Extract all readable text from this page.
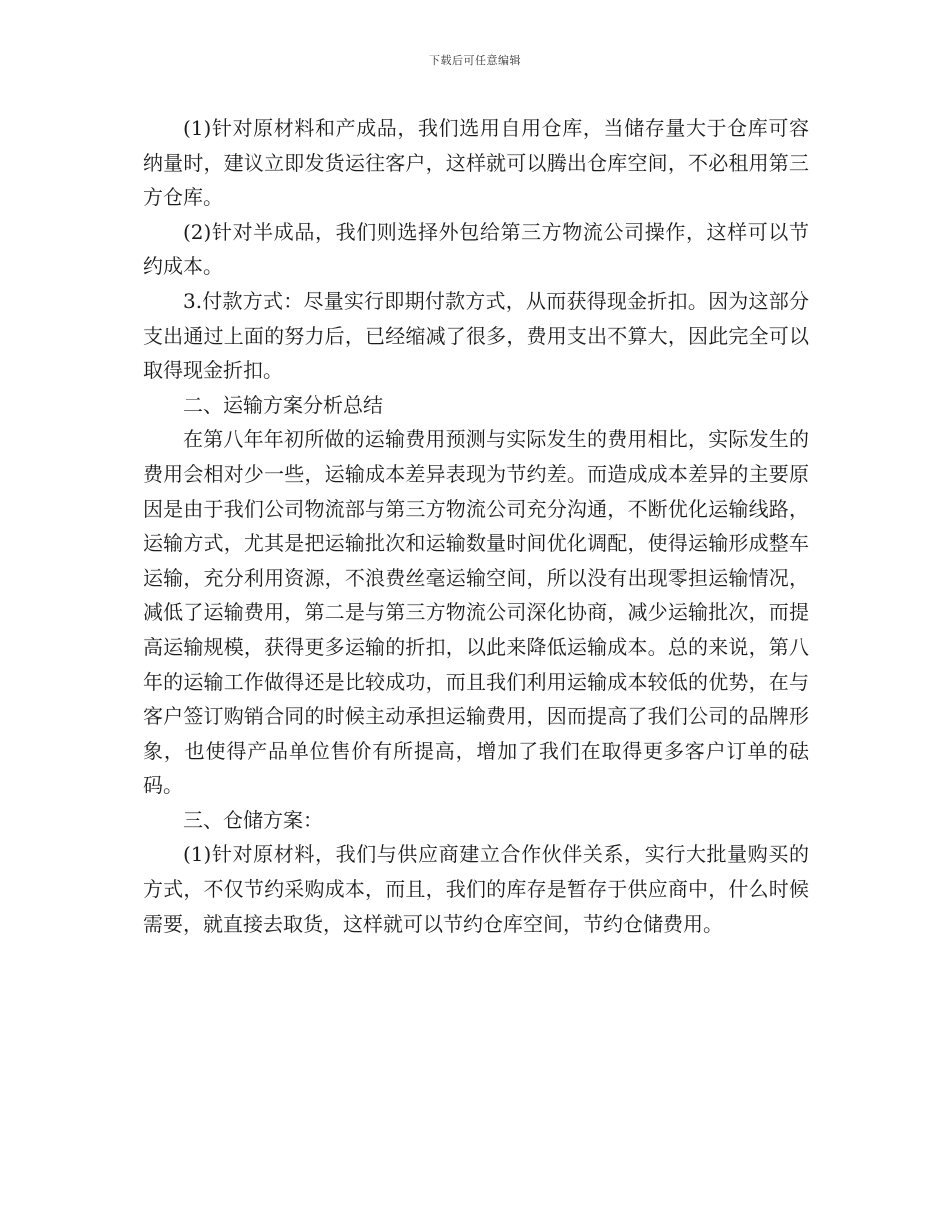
下载后可任意编辑

(1)针对原材料和产成品，我们选用自用仓库，当储存量大于仓库可容纳量时，建议立即发货运往客户，这样就可以腾出仓库空间，不必租用第三方仓库。

(2)针对半成品，我们则选择外包给第三方物流公司操作，这样可以节约成本。

3.付款方式：尽量实行即期付款方式，从而获得现金折扣。因为这部分支出通过上面的努力后，已经缩减了很多，费用支出不算大，因此完全可以取得现金折扣。

二、运输方案分析总结

在第八年年初所做的运输费用预测与实际发生的费用相比，实际发生的费用会相对少一些，运输成本差异表现为节约差。而造成成本差异的主要原因是由于我们公司物流部与第三方物流公司充分沟通，不断优化运输线路，运输方式，尤其是把运输批次和运输数量时间优化调配，使得运输形成整车运输，充分利用资源，不浪费丝毫运输空间，所以没有出现零担运输情况，减低了运输费用，第二是与第三方物流公司深化协商，减少运输批次，而提高运输规模，获得更多运输的折扣，以此来降低运输成本。总的来说，第八年的运输工作做得还是比较成功，而且我们利用运输成本较低的优势，在与客户签订购销合同的时候主动承担运输费用，因而提高了我们公司的品牌形象，也使得产品单位售价有所提高，增加了我们在取得更多客户订单的砝码。

三、仓储方案：

(1)针对原材料，我们与供应商建立合作伙伴关系，实行大批量购买的方式，不仅节约采购成本，而且，我们的库存是暂存于供应商中，什么时候需要，就直接去取货，这样就可以节约仓库空间，节约仓储费用。
